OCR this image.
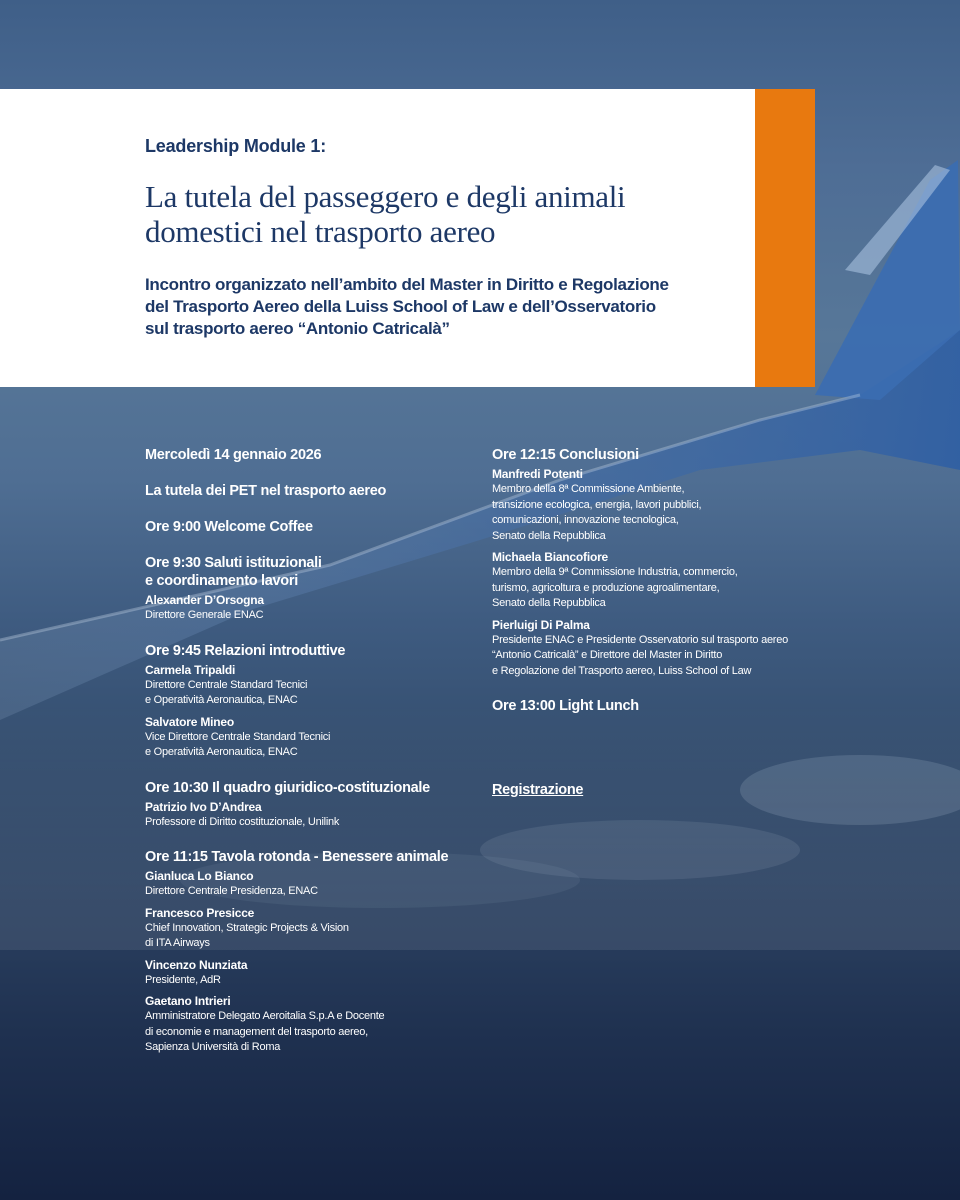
Leadership Module 1:
La tutela del passeggero e degli animali
domestici nel trasporto aereo

Incontro organizzato nell’ambito del Master in Diritto e Regolazione
del Trasporto Aereo della Luiss School of Law e dell’Osservatorio
sul trasporto aereo “Antonio Catricalà”

Mercoledì 14 gennaio 2026
La tutela dei PET nel trasporto aereo
Ore 9:00 Welcome Coffee
Ore 9:30 Saluti istituzionali
e coordinamento lavori
Alexander D’Orsogna
Direttore Generale ENAC
Ore 9:45 Relazioni introduttive
Carmela Tripaldi
Direttore Centrale Standard Tecnici
e Operatività Aeronautica, ENAC
Salvatore Mineo
Vice Direttore Centrale Standard Tecnici
e Operatività Aeronautica, ENAC
Ore 10:30 Il quadro giuridico-costituzionale
Patrizio Ivo D’Andrea
Professore di Diritto costituzionale, Unilink
Ore 11:15 Tavola rotonda - Benessere animale
Gianluca Lo Bianco
Direttore Centrale Presidenza, ENAC
Francesco Presicce
Chief Innovation, Strategic Projects & Vision
di ITA Airways
Vincenzo Nunziata
Presidente, AdR
Gaetano Intrieri
Amministratore Delegato Aeroitalia S.p.A e Docente
di economie e management del trasporto aereo,
Sapienza Università di Roma
Ore 12:15 Conclusioni
Manfredi Potenti
Membro della 8ª Commissione Ambiente,
transizione ecologica, energia, lavori pubblici,
comunicazioni, innovazione tecnologica,
Senato della Repubblica
Michaela Biancofiore
Membro della 9ª Commissione Industria, commercio,
turismo, agricoltura e produzione agroalimentare,
Senato della Repubblica
Pierluigi Di Palma
Presidente ENAC e Presidente Osservatorio sul trasporto aereo
“Antonio Catricalà” e Direttore del Master in Diritto
e Regolazione del Trasporto aereo, Luiss School of Law
Ore 13:00 Light Lunch
Registrazione
